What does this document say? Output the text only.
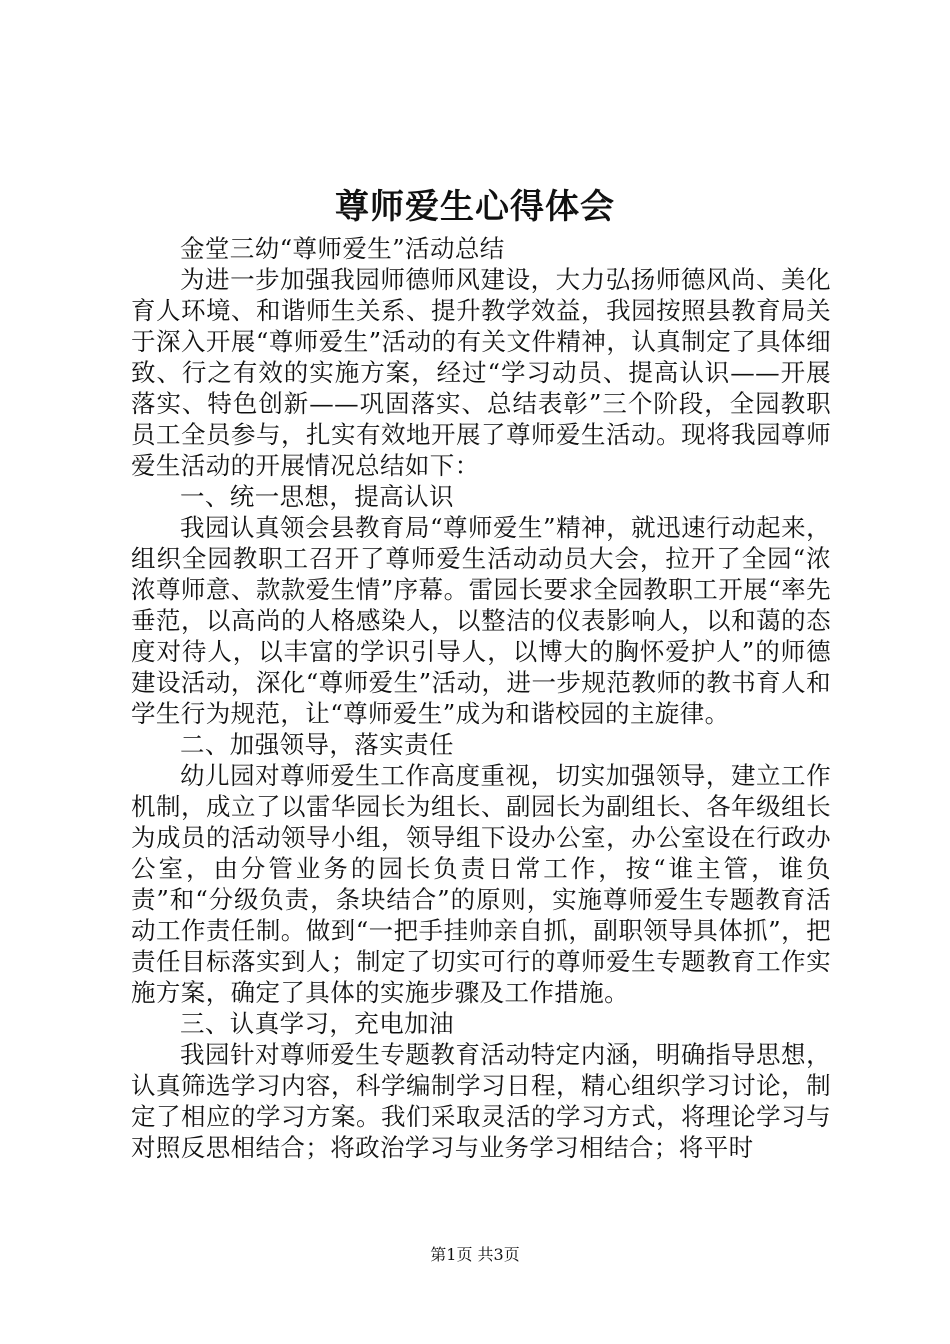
尊师爱生心得体会

金堂三幼“尊师爱生”活动总结

为进一步加强我园师德师风建设，大力弘扬师德风尚、美化育人环境、和谐师生关系、提升教学效益，我园按照县教育局关于深入开展“尊师爱生”活动的有关文件精神，认真制定了具体细致、行之有效的实施方案，经过“学习动员、提高认识——开展落实、特色创新——巩固落实、总结表彰”三个阶段，全园教职员工全员参与，扎实有效地开展了尊师爱生活动。现将我园尊师爱生活动的开展情况总结如下：

一、统一思想，提高认识

我园认真领会县教育局“尊师爱生”精神，就迅速行动起来，组织全园教职工召开了尊师爱生活动动员大会，拉开了全园“浓浓尊师意、款款爱生情”序幕。雷园长要求全园教职工开展“率先垂范，以高尚的人格感染人，以整洁的仪表影响人，以和蔼的态度对待人，以丰富的学识引导人，以博大的胸怀爱护人”的师德建设活动，深化“尊师爱生”活动，进一步规范教师的教书育人和学生行为规范，让“尊师爱生”成为和谐校园的主旋律。

二、加强领导，落实责任

幼儿园对尊师爱生工作高度重视，切实加强领导，建立工作机制，成立了以雷华园长为组长、副园长为副组长、各年级组长为成员的活动领导小组，领导组下设办公室，办公室设在行政办公室，由分管业务的园长负责日常工作，按“谁主管，谁负责”和“分级负责，条块结合”的原则，实施尊师爱生专题教育活动工作责任制。做到“一把手挂帅亲自抓，副职领导具体抓”，把责任目标落实到人；制定了切实可行的尊师爱生专题教育工作实施方案，确定了具体的实施步骤及工作措施。

三、认真学习，充电加油

我园针对尊师爱生专题教育活动特定内涵，明确指导思想，认真筛选学习内容，科学编制学习日程，精心组织学习讨论，制定了相应的学习方案。我们采取灵活的学习方式，将理论学习与对照反思相结合；将政治学习与业务学习相结合；将平时

第1页 共3页
